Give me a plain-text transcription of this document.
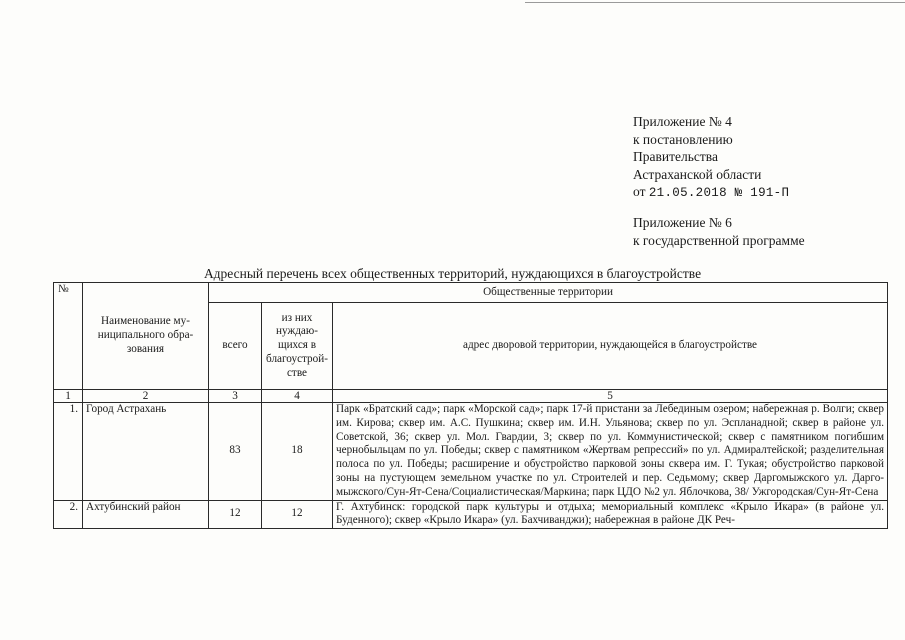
Приложение № 4
к постановлению
Правительства
Астраханской области
от 21.05.2018 № 191-П
Приложение № 6
к государственной программе
Адресный перечень всех общественных территорий, нуждающихся в благоустройстве
№	Наименование муниципального образования	Общественные территории		
		всего	из них нуждающихся в благоустройстве	адрес дворовой территории, нуждающейся в благоустройстве
1	2	3	4	5
1.	Город Астрахань	83	18	Парк «Братский сад»; парк «Морской сад»; парк 17-й пристани за Лебединым озером; набережная р. Волги; сквер им. Кирова; сквер им. А.С. Пушкина; сквер им. И.Н. Ульянова; сквер по ул. Эспланадной; сквер в районе ул. Советской, 36; сквер ул. Мол. Гвардии, 3; сквер по ул. Коммунистической; сквер с памятником погибшим чернобыльцам по ул. Победы; сквер с памятником «Жертвам репрессий» по ул. Адмиралтейской; разделительная полоса по ул. Победы; расширение и обустройство парковой зоны сквера им. Г. Тукая; обустройство парковой зоны на пустующем земельном участке по ул. Строителей и пер. Седьмому; сквер Даргомыжского ул. Даргомыжского/Сун-Ят-Сена/Социалистическая/Маркина; парк ЦДО №2 ул. Яблочкова, 38/ Ужгородская/Сун-Ят-Сена
2.	Ахтубинский район	12	12	Г. Ахтубинск: городской парк культуры и отдыха; мемориальный комплекс «Крыло Икара» (в районе ул. Буденного); сквер «Крыло Икара» (ул. Бахчиванджи); набережная в районе ДК Реч-
